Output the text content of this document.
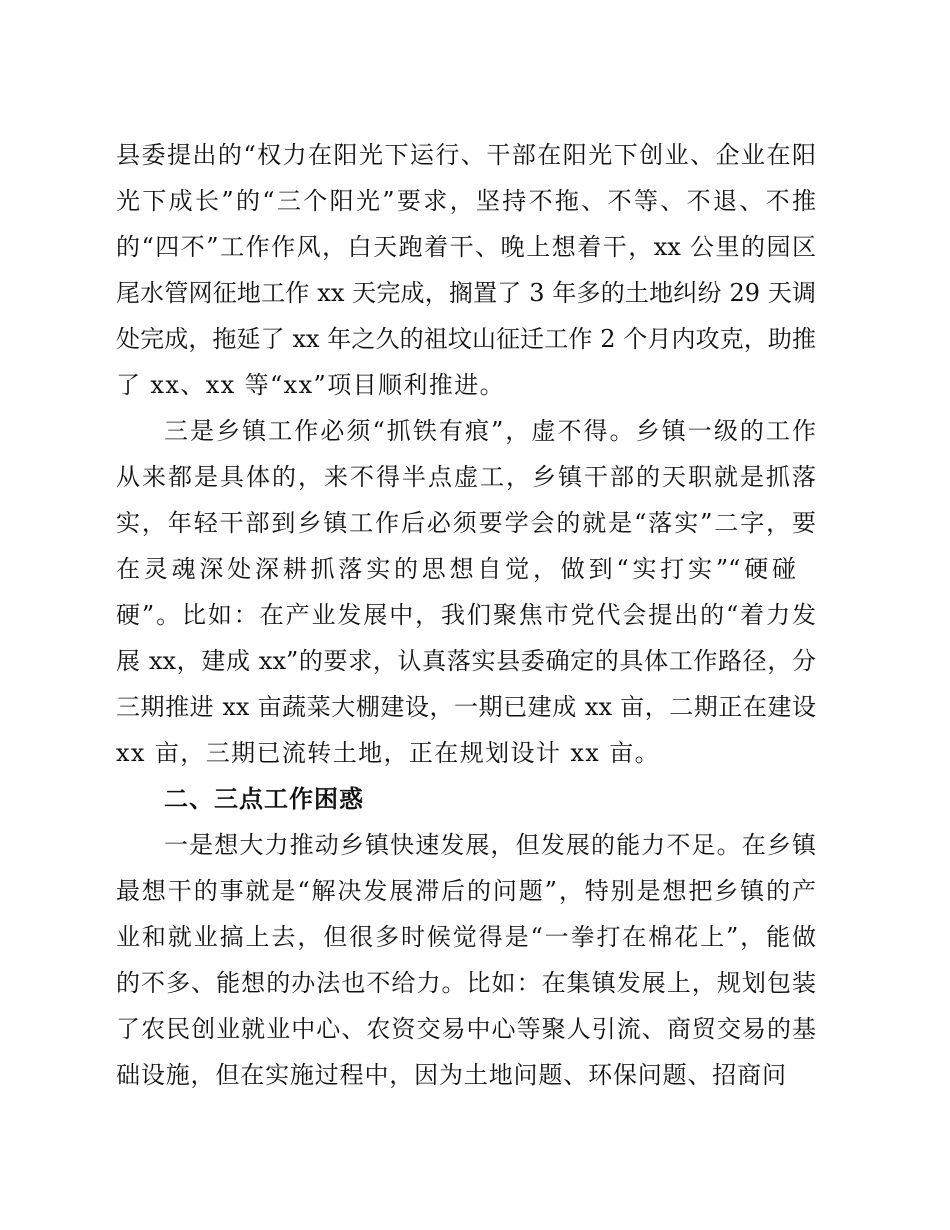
县委提出的“权力在阳光下运行、干部在阳光下创业、企业在阳
光下成长”的“三个阳光”要求，坚持不拖、不等、不退、不推
的“四不”工作作风，白天跑着干、晚上想着干，xx 公里的园区
尾水管网征地工作 xx 天完成，搁置了 3 年多的土地纠纷 29 天调
处完成，拖延了 xx 年之久的祖坟山征迁工作 2 个月内攻克，助推
了 xx、xx 等“xx”项目顺利推进。
三是乡镇工作必须“抓铁有痕”，虚不得。乡镇一级的工作
从来都是具体的，来不得半点虚工，乡镇干部的天职就是抓落
实，年轻干部到乡镇工作后必须要学会的就是“落实”二字，要
在灵魂深处深耕抓落实的思想自觉，做到“实打实”“硬碰
硬”。比如：在产业发展中，我们聚焦市党代会提出的“着力发
展 xx，建成 xx”的要求，认真落实县委确定的具体工作路径，分
三期推进 xx 亩蔬菜大棚建设，一期已建成 xx 亩，二期正在建设
xx 亩，三期已流转土地，正在规划设计 xx 亩。
二、三点工作困惑
一是想大力推动乡镇快速发展，但发展的能力不足。在乡镇
最想干的事就是“解决发展滞后的问题”，特别是想把乡镇的产
业和就业搞上去，但很多时候觉得是“一拳打在棉花上”，能做
的不多、能想的办法也不给力。比如：在集镇发展上，规划包装
了农民创业就业中心、农资交易中心等聚人引流、商贸交易的基
础设施，但在实施过程中，因为土地问题、环保问题、招商问
